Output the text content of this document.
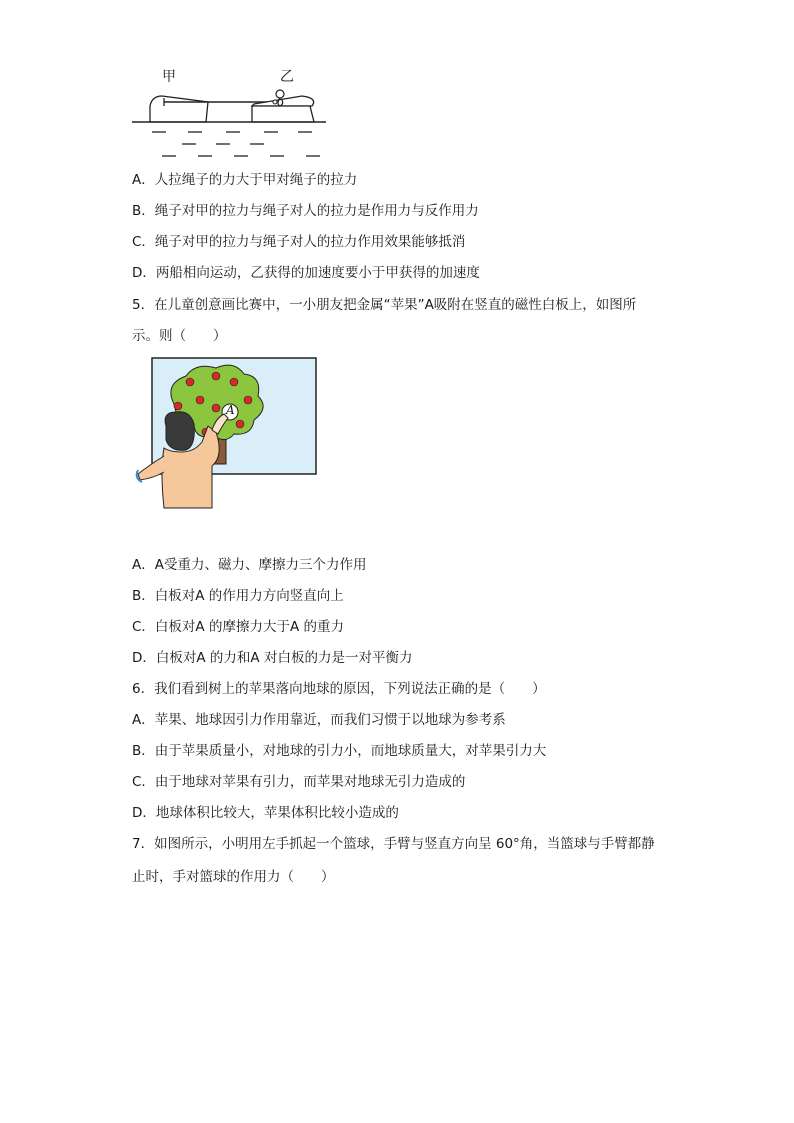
甲	乙
A．人拉绳子的力大于甲对绳子的拉力
B．绳子对甲的拉力与绳子对人的拉力是作用力与反作用力
C．绳子对甲的拉力与绳子对人的拉力作用效果能够抵消
D．两船相向运动，乙获得的加速度要小于甲获得的加速度
5．在儿童创意画比赛中，一小朋友把金属“苹果”A吸附在竖直的磁性白板上，如图所
示。则（　　）
A
A．A受重力、磁力、摩擦力三个力作用
B．白板对A 的作用力方向竖直向上
C．白板对A 的摩擦力大于A 的重力
D．白板对A 的力和A 对白板的力是一对平衡力
6．我们看到树上的苹果落向地球的原因，下列说法正确的是（　　）
A．苹果、地球因引力作用靠近，而我们习惯于以地球为参考系
B．由于苹果质量小，对地球的引力小，而地球质量大，对苹果引力大
C．由于地球对苹果有引力，而苹果对地球无引力造成的
D．地球体积比较大，苹果体积比较小造成的
7．如图所示，小明用左手抓起一个篮球，手臂与竖直方向呈 60°角，当篮球与手臂都静
止时，手对篮球的作用力（　　）
